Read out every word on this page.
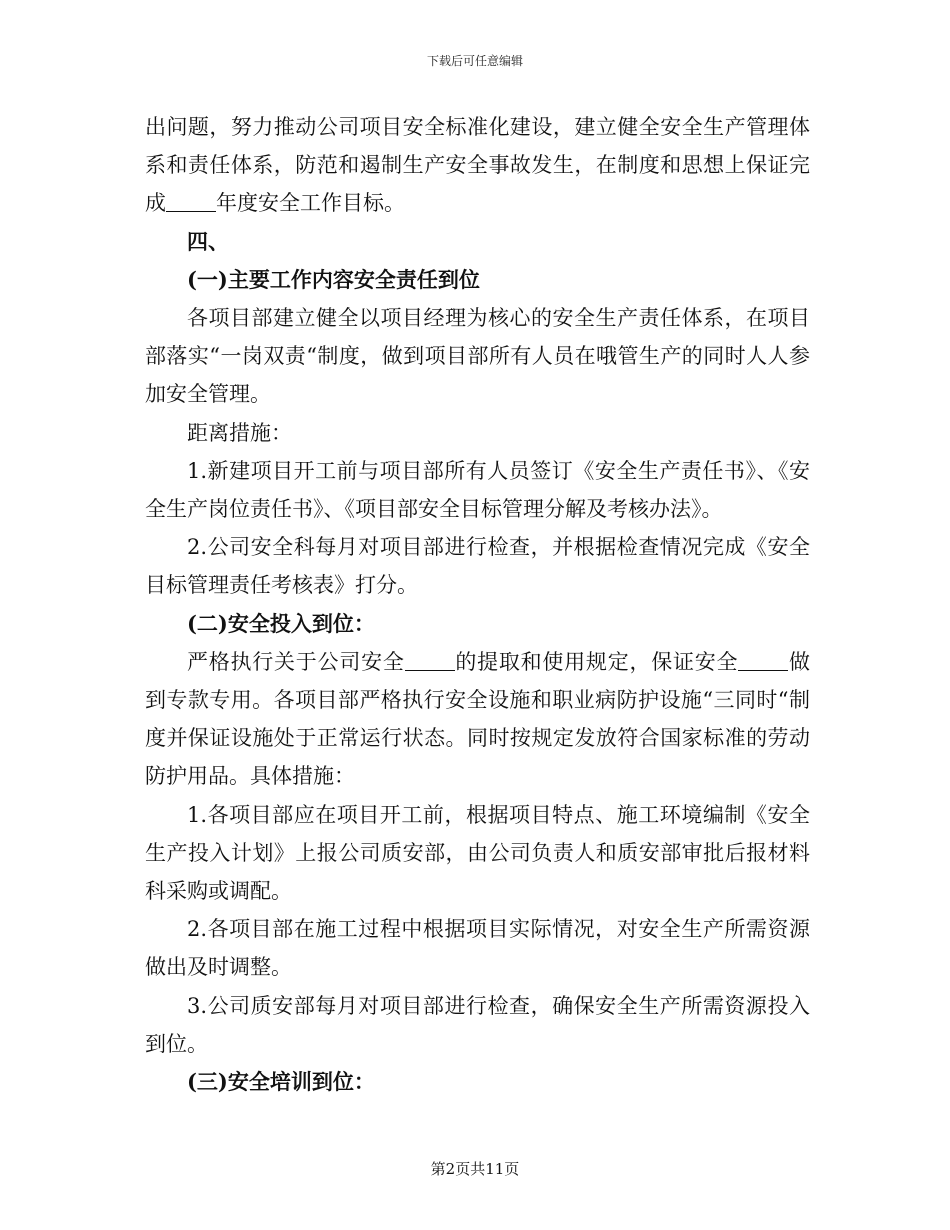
下载后可任意编辑

出问题，努力推动公司项目安全标准化建设，建立健全安全生产管理体系和责任体系，防范和遏制生产安全事故发生，在制度和思想上保证完成 年度安全工作目标。

四、

(一)主要工作内容安全责任到位

各项目部建立健全以项目经理为核心的安全生产责任体系，在项目部落实“一岗双责“制度，做到项目部所有人员在哦管生产的同时人人参加安全管理。

距离措施：

1.新建项目开工前与项目部所有人员签订《安全生产责任书》、《安全生产岗位责任书》、《项目部安全目标管理分解及考核办法》。

2.公司安全科每月对项目部进行检查，并根据检查情况完成《安全目标管理责任考核表》打分。

(二)安全投入到位：

严格执行关于公司安全 的提取和使用规定，保证安全 做到专款专用。各项目部严格执行安全设施和职业病防护设施“三同时“制度并保证设施处于正常运行状态。同时按规定发放符合国家标准的劳动防护用品。具体措施：

1.各项目部应在项目开工前，根据项目特点、施工环境编制《安全生产投入计划》上报公司质安部，由公司负责人和质安部审批后报材料科采购或调配。

2.各项目部在施工过程中根据项目实际情况，对安全生产所需资源做出及时调整。

3.公司质安部每月对项目部进行检查，确保安全生产所需资源投入到位。

(三)安全培训到位：

第2页共11页
